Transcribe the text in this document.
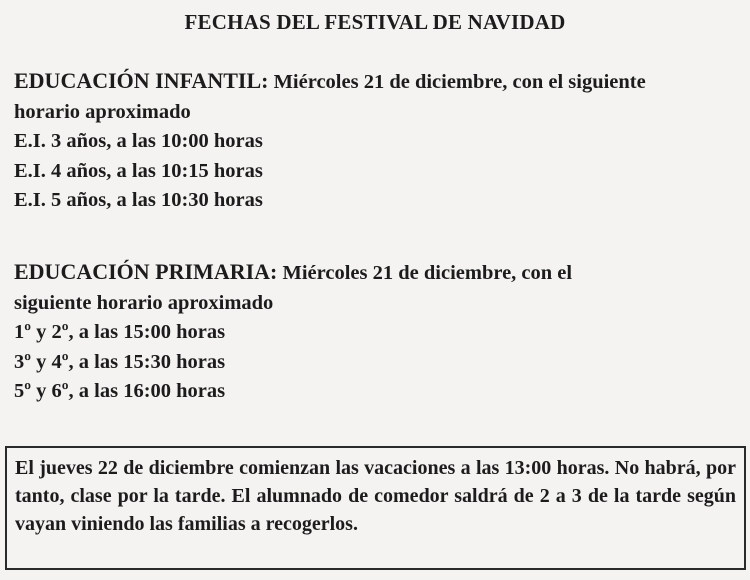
FECHAS DEL FESTIVAL DE NAVIDAD
EDUCACIÓN INFANTIL: Miércoles 21 de diciembre, con el siguiente
horario aproximado
E.I. 3 años, a las 10:00 horas
E.I. 4 años, a las 10:15 horas
E.I. 5 años, a las 10:30 horas
EDUCACIÓN PRIMARIA: Miércoles 21 de diciembre, con el
siguiente horario aproximado
1º y 2º, a las 15:00 horas
3º y 4º, a las 15:30 horas
5º y 6º, a las 16:00 horas
El jueves 22 de diciembre comienzan las vacaciones a las 13:00 horas. No habrá, por tanto, clase por la tarde. El alumnado de comedor saldrá de 2 a 3 de la tarde según vayan viniendo las familias a recogerlos.
